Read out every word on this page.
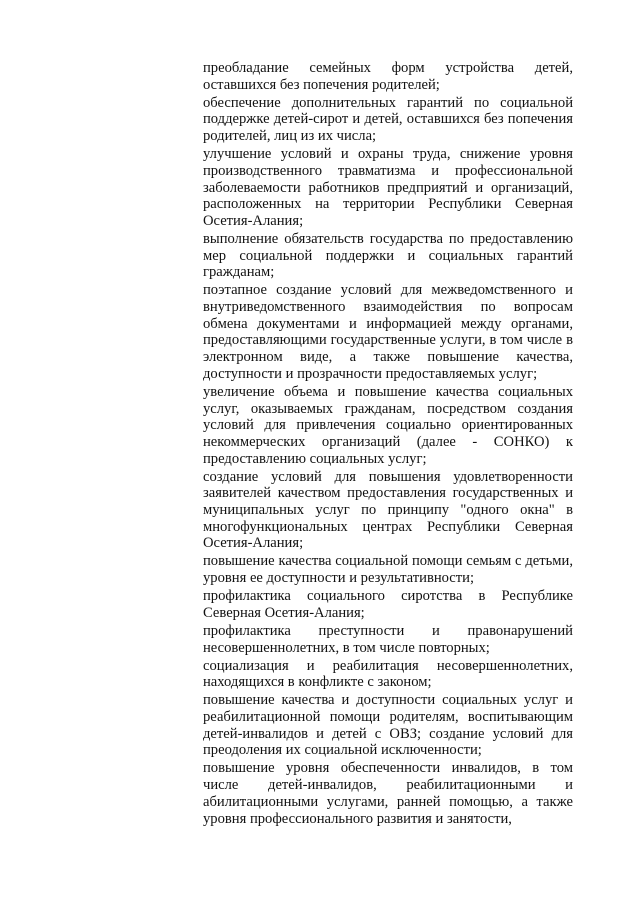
преобладание семейных форм устройства детей, оставшихся без попечения родителей;

обеспечение дополнительных гарантий по социальной поддержке детей-сирот и детей, оставшихся без попечения родителей, лиц из их числа;

улучшение условий и охраны труда, снижение уровня производственного травматизма и профессиональной заболеваемости работников предприятий и организаций, расположенных на территории Республики Северная Осетия-Алания;

выполнение обязательств государства по предоставлению мер социальной поддержки и социальных гарантий гражданам;

поэтапное создание условий для межведомственного и внутриведомственного взаимодействия по вопросам обмена документами и информацией между органами, предоставляющими государственные услуги, в том числе в электронном виде, а также повышение качества, доступности и прозрачности предоставляемых услуг;

увеличение объема и повышение качества социальных услуг, оказываемых гражданам, посредством создания условий для привлечения социально ориентированных некоммерческих организаций (далее - СОНКО) к предоставлению социальных услуг;

создание условий для повышения удовлетворенности заявителей качеством предоставления государственных и муниципальных услуг по принципу "одного окна" в многофункциональных центрах Республики Северная Осетия-Алания;

повышение качества социальной помощи семьям с детьми, уровня ее доступности и результативности;

профилактика социального сиротства в Республике Северная Осетия-Алания;

профилактика преступности и правонарушений несовершеннолетних, в том числе повторных;

социализация и реабилитация несовершеннолетних, находящихся в конфликте с законом;

повышение качества и доступности социальных услуг и реабилитационной помощи родителям, воспитывающим детей-инвалидов и детей с ОВЗ; создание условий для преодоления их социальной исключенности;

повышение уровня обеспеченности инвалидов, в том числе детей-инвалидов, реабилитационными и абилитационными услугами, ранней помощью, а также уровня профессионального развития и занятости,
